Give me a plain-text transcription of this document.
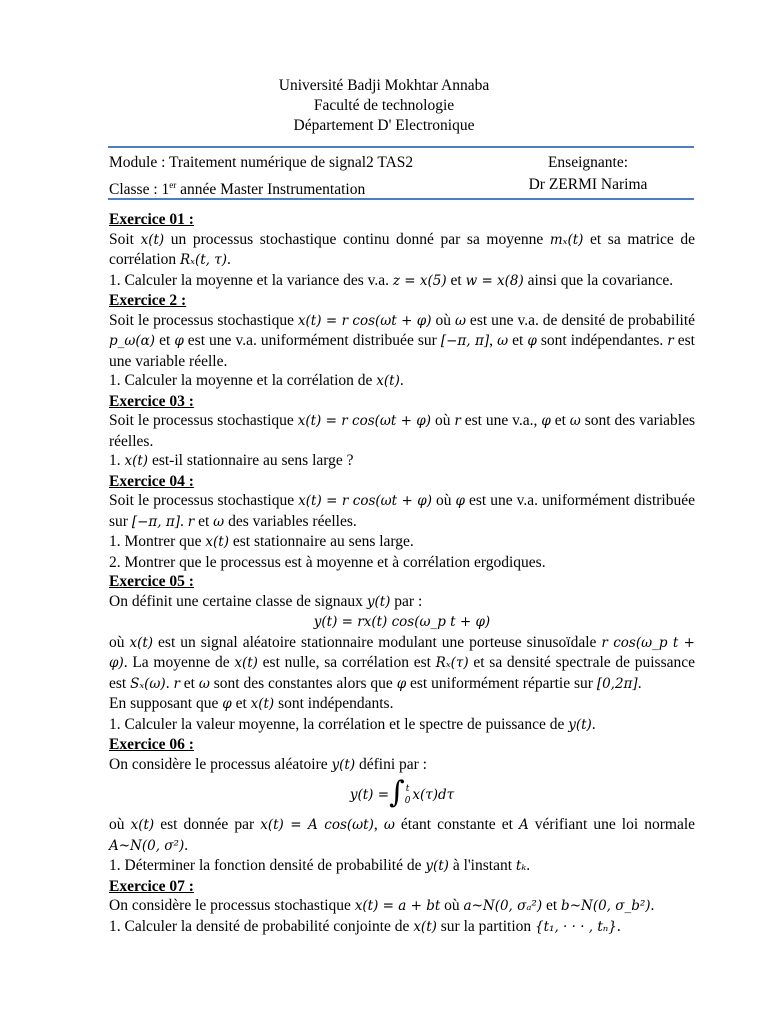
Université Badji Mokhtar Annaba
Faculté de technologie
Département D' Electronique
Module : Traitement numérique de signal2 TAS2
Classe : 1er année Master Instrumentation
Enseignante:
Dr ZERMI Narima
Exercice 01 :
Soit x(t) un processus stochastique continu donné par sa moyenne mₓ(t) et sa matrice de corrélation Rₓ(t, τ).
1. Calculer la moyenne et la variance des v.a. z = x(5) et w = x(8) ainsi que la covariance.
Exercice 2 :
Soit le processus stochastique x(t) = r cos(ωt + φ) où ω est une v.a. de densité de probabilité p_ω(α) et φ est une v.a. uniformément distribuée sur [−π, π], ω et φ sont indépendantes. r est une variable réelle.
1. Calculer la moyenne et la corrélation de x(t).
Exercice 03 :
Soit le processus stochastique x(t) = r cos(ωt + φ) où r est une v.a., φ et ω sont des variables réelles.
1. x(t) est-il stationnaire au sens large ?
Exercice 04 :
Soit le processus stochastique x(t) = r cos(ωt + φ) où φ est une v.a. uniformément distribuée sur [−π, π]. r et ω des variables réelles.
1. Montrer que x(t) est stationnaire au sens large.
2. Montrer que le processus est à moyenne et à corrélation ergodiques.
Exercice 05 :
On définit une certaine classe de signaux y(t) par :
y(t) = rx(t) cos(ω_p t + φ)
où x(t) est un signal aléatoire stationnaire modulant une porteuse sinusoïdale r cos(ω_p t + φ). La moyenne de x(t) est nulle, sa corrélation est Rₓ(τ) et sa densité spectrale de puissance est Sₓ(ω). r et ω sont des constantes alors que φ est uniformément répartie sur [0,2π].
En supposant que φ et x(t) sont indépendants.
1. Calculer la valeur moyenne, la corrélation et le spectre de puissance de y(t).
Exercice 06 :
On considère le processus aléatoire y(t) défini par :
y(t) = ∫ t
0 x(τ)dτ
où x(t) est donnée par x(t) = A cos(ωt), ω étant constante et A vérifiant une loi normale A~N(0, σ²).
1. Déterminer la fonction densité de probabilité de y(t) à l'instant tₖ.
Exercice 07 :
On considère le processus stochastique x(t) = a + bt où a~N(0, σₐ²) et b~N(0, σ_b²).
1. Calculer la densité de probabilité conjointe de x(t) sur la partition {t₁, · · · , tₙ}.
